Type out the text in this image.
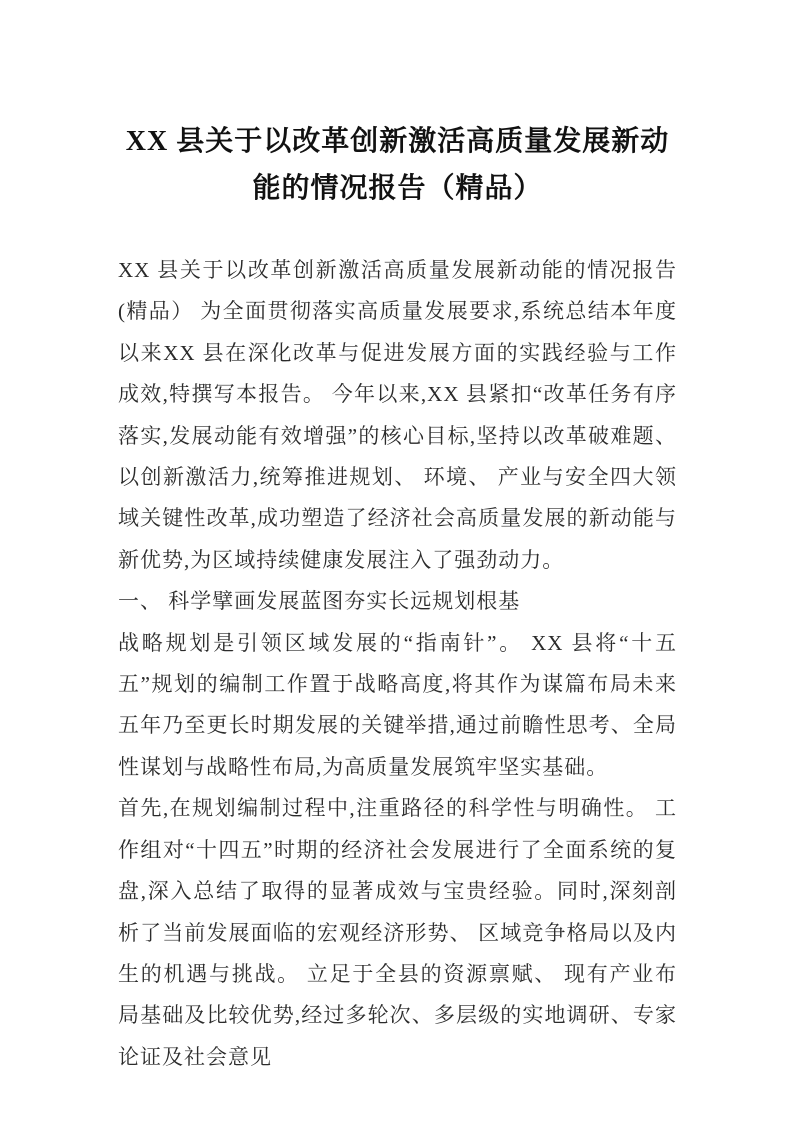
XX 县关于以改革创新激活高质量发展新动能的情况报告（精品）

XX 县关于以改革创新激活高质量发展新动能的情况报告(精品） 为全面贯彻落实高质量发展要求,系统总结本年度以来XX 县在深化改革与促进发展方面的实践经验与工作成效,特撰写本报告。 今年以来,XX 县紧扣“改革任务有序落实,发展动能有效增强”的核心目标,坚持以改革破难题、 以创新激活力,统筹推进规划、 环境、 产业与安全四大领域关键性改革,成功塑造了经济社会高质量发展的新动能与新优势,为区域持续健康发展注入了强劲动力。

一、 科学擘画发展蓝图夯实长远规划根基

战略规划是引领区域发展的“指南针”。 XX 县将“十五五”规划的编制工作置于战略高度,将其作为谋篇布局未来五年乃至更长时期发展的关键举措,通过前瞻性思考、全局性谋划与战略性布局,为高质量发展筑牢坚实基础。

首先,在规划编制过程中,注重路径的科学性与明确性。 工作组对“十四五”时期的经济社会发展进行了全面系统的复盘,深入总结了取得的显著成效与宝贵经验。同时,深刻剖析了当前发展面临的宏观经济形势、 区域竞争格局以及内生的机遇与挑战。 立足于全县的资源禀赋、 现有产业布局基础及比较优势,经过多轮次、多层级的实地调研、专家论证及社会意见
